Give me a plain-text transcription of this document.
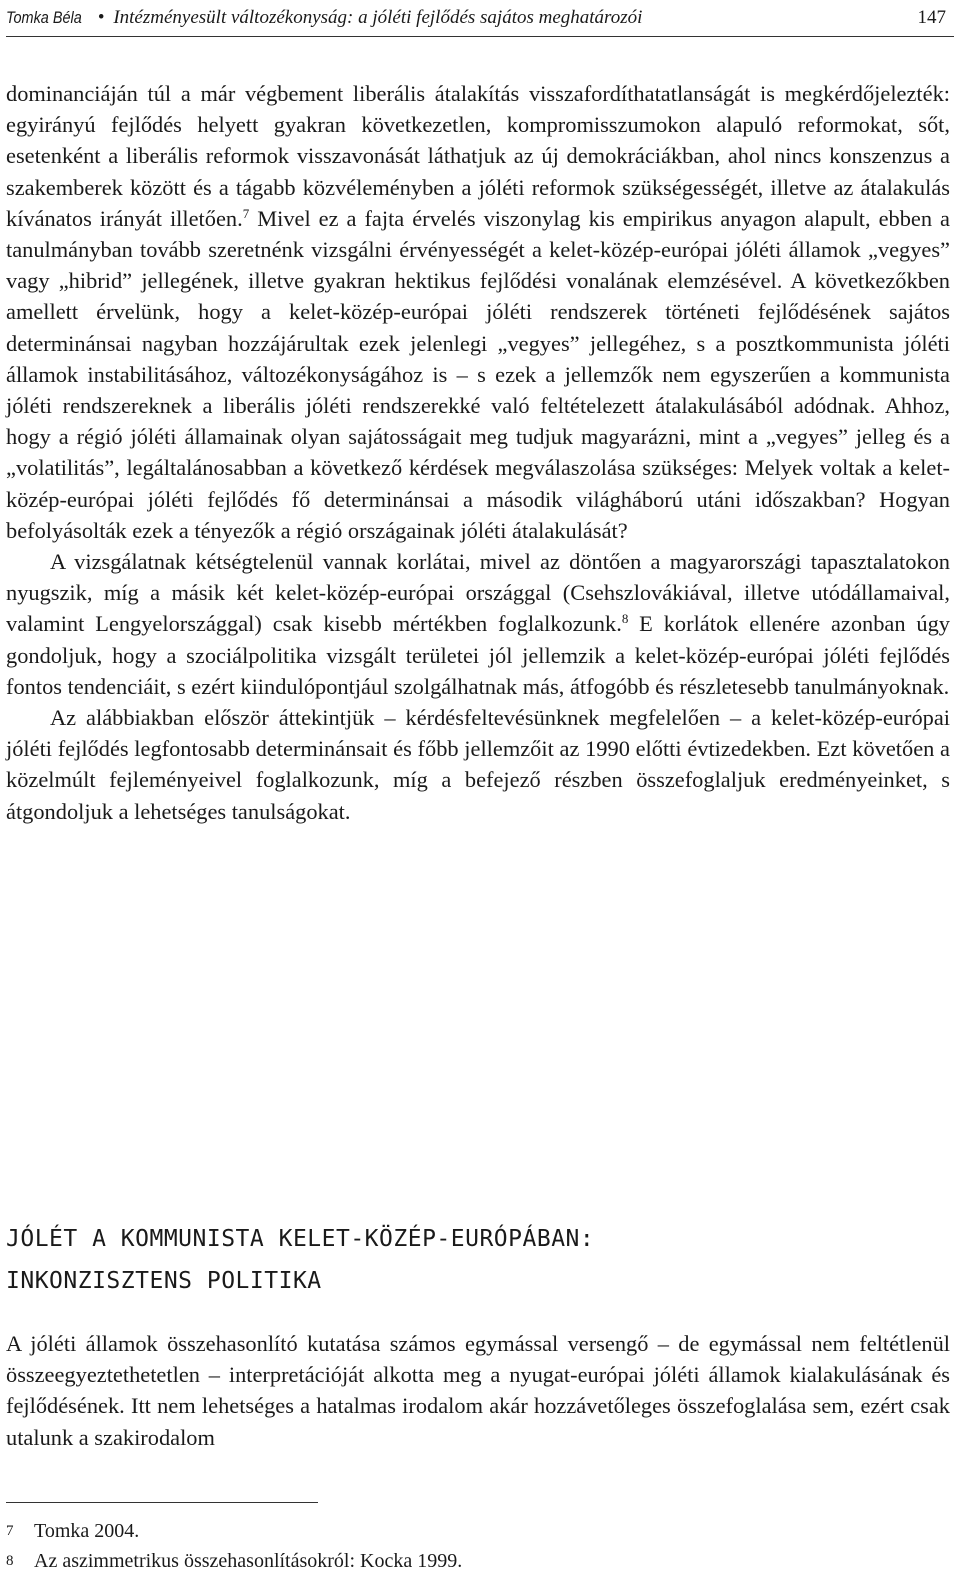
Tomka Béla • Intézményesült változékonyság: a jóléti fejlődés sajátos meghatározói	147

dominanciáján túl a már végbement liberális átalakítás visszafordíthatatlanságát is megkérdőjelezték: egyirányú fejlődés helyett gyakran következetlen, kompromisszumokon alapuló reformokat, sőt, esetenként a liberális reformok visszavonását láthatjuk az új demokráciákban, ahol nincs konszenzus a szakemberek között és a tágabb közvéleményben a jóléti reformok szükségességét, illetve az átalakulás kívánatos irányát illetően.$^7$ Mivel ez a fajta érvelés viszonylag kis empirikus anyagon alapult, ebben a tanulmányban tovább szeretnénk vizsgálni érvényességét a kelet-közép-európai jóléti államok „vegyes” vagy „hibrid” jellegének, illetve gyakran hektikus fejlődési vonalának elemzésével. A következőkben amellett érvelünk, hogy a kelet-közép-európai jóléti rendszerek történeti fejlődésének sajátos determinánsai nagyban hozzájárultak ezek jelenlegi „vegyes” jellegéhez, s a posztkommunista jóléti államok instabilitásához, változékonyságához is – s ezek a jellemzők nem egyszerűen a kommunista jóléti rendszereknek a liberális jóléti rendszerekké való feltételezett átalakulásából adódnak. Ahhoz, hogy a régió jóléti államainak olyan sajátosságait meg tudjuk magyarázni, mint a „vegyes” jelleg és a „volatilitás”, legáltalánosabban a következő kérdések megválaszolása szükséges: Melyek voltak a kelet-közép-európai jóléti fejlődés fő determinánsai a második világháború utáni időszakban? Hogyan befolyásolták ezek a tényezők a régió országainak jóléti átalakulását?

A vizsgálatnak kétségtelenül vannak korlátai, mivel az döntően a magyarországi tapasztalatokon nyugszik, míg a másik két kelet-közép-európai országgal (Csehszlovákiával, illetve utódállamaival, valamint Lengyelországgal) csak kisebb mértékben foglalkozunk.$^8$ E korlátok ellenére azonban úgy gondoljuk, hogy a szociálpolitika vizsgált területei jól jellemzik a kelet-közép-európai jóléti fejlődés fontos tendenciáit, s ezért kiindulópontjául szolgálhatnak más, átfogóbb és részletesebb tanulmányoknak.

Az alábbiakban először áttekintjük – kérdésfeltevésünknek megfelelően – a kelet-közép-európai jóléti fejlődés legfontosabb determinánsait és főbb jellemzőit az 1990 előtti évtizedekben. Ezt követően a közelmúlt fejleményeivel foglalkozunk, míg a befejező részben összefoglaljuk eredményeinket, s átgondoljuk a lehetséges tanulságokat.

JÓLÉT A KOMMUNISTA KELET-KÖZÉP-EURÓPÁBAN:
INKONZISZTENS POLITIKA

A jóléti államok összehasonlító kutatása számos egymással versengő – de egymással nem feltétlenül összeegyeztethetetlen – interpretációját alkotta meg a nyugat-európai jóléti államok kialakulásának és fejlődésének. Itt nem lehetséges a hatalmas irodalom akár hozzávetőleges összefoglalása sem, ezért csak utalunk a szakirodalom

7	Tomka 2004.
8	Az aszimmetrikus összehasonlításokról: Kocka 1999.
